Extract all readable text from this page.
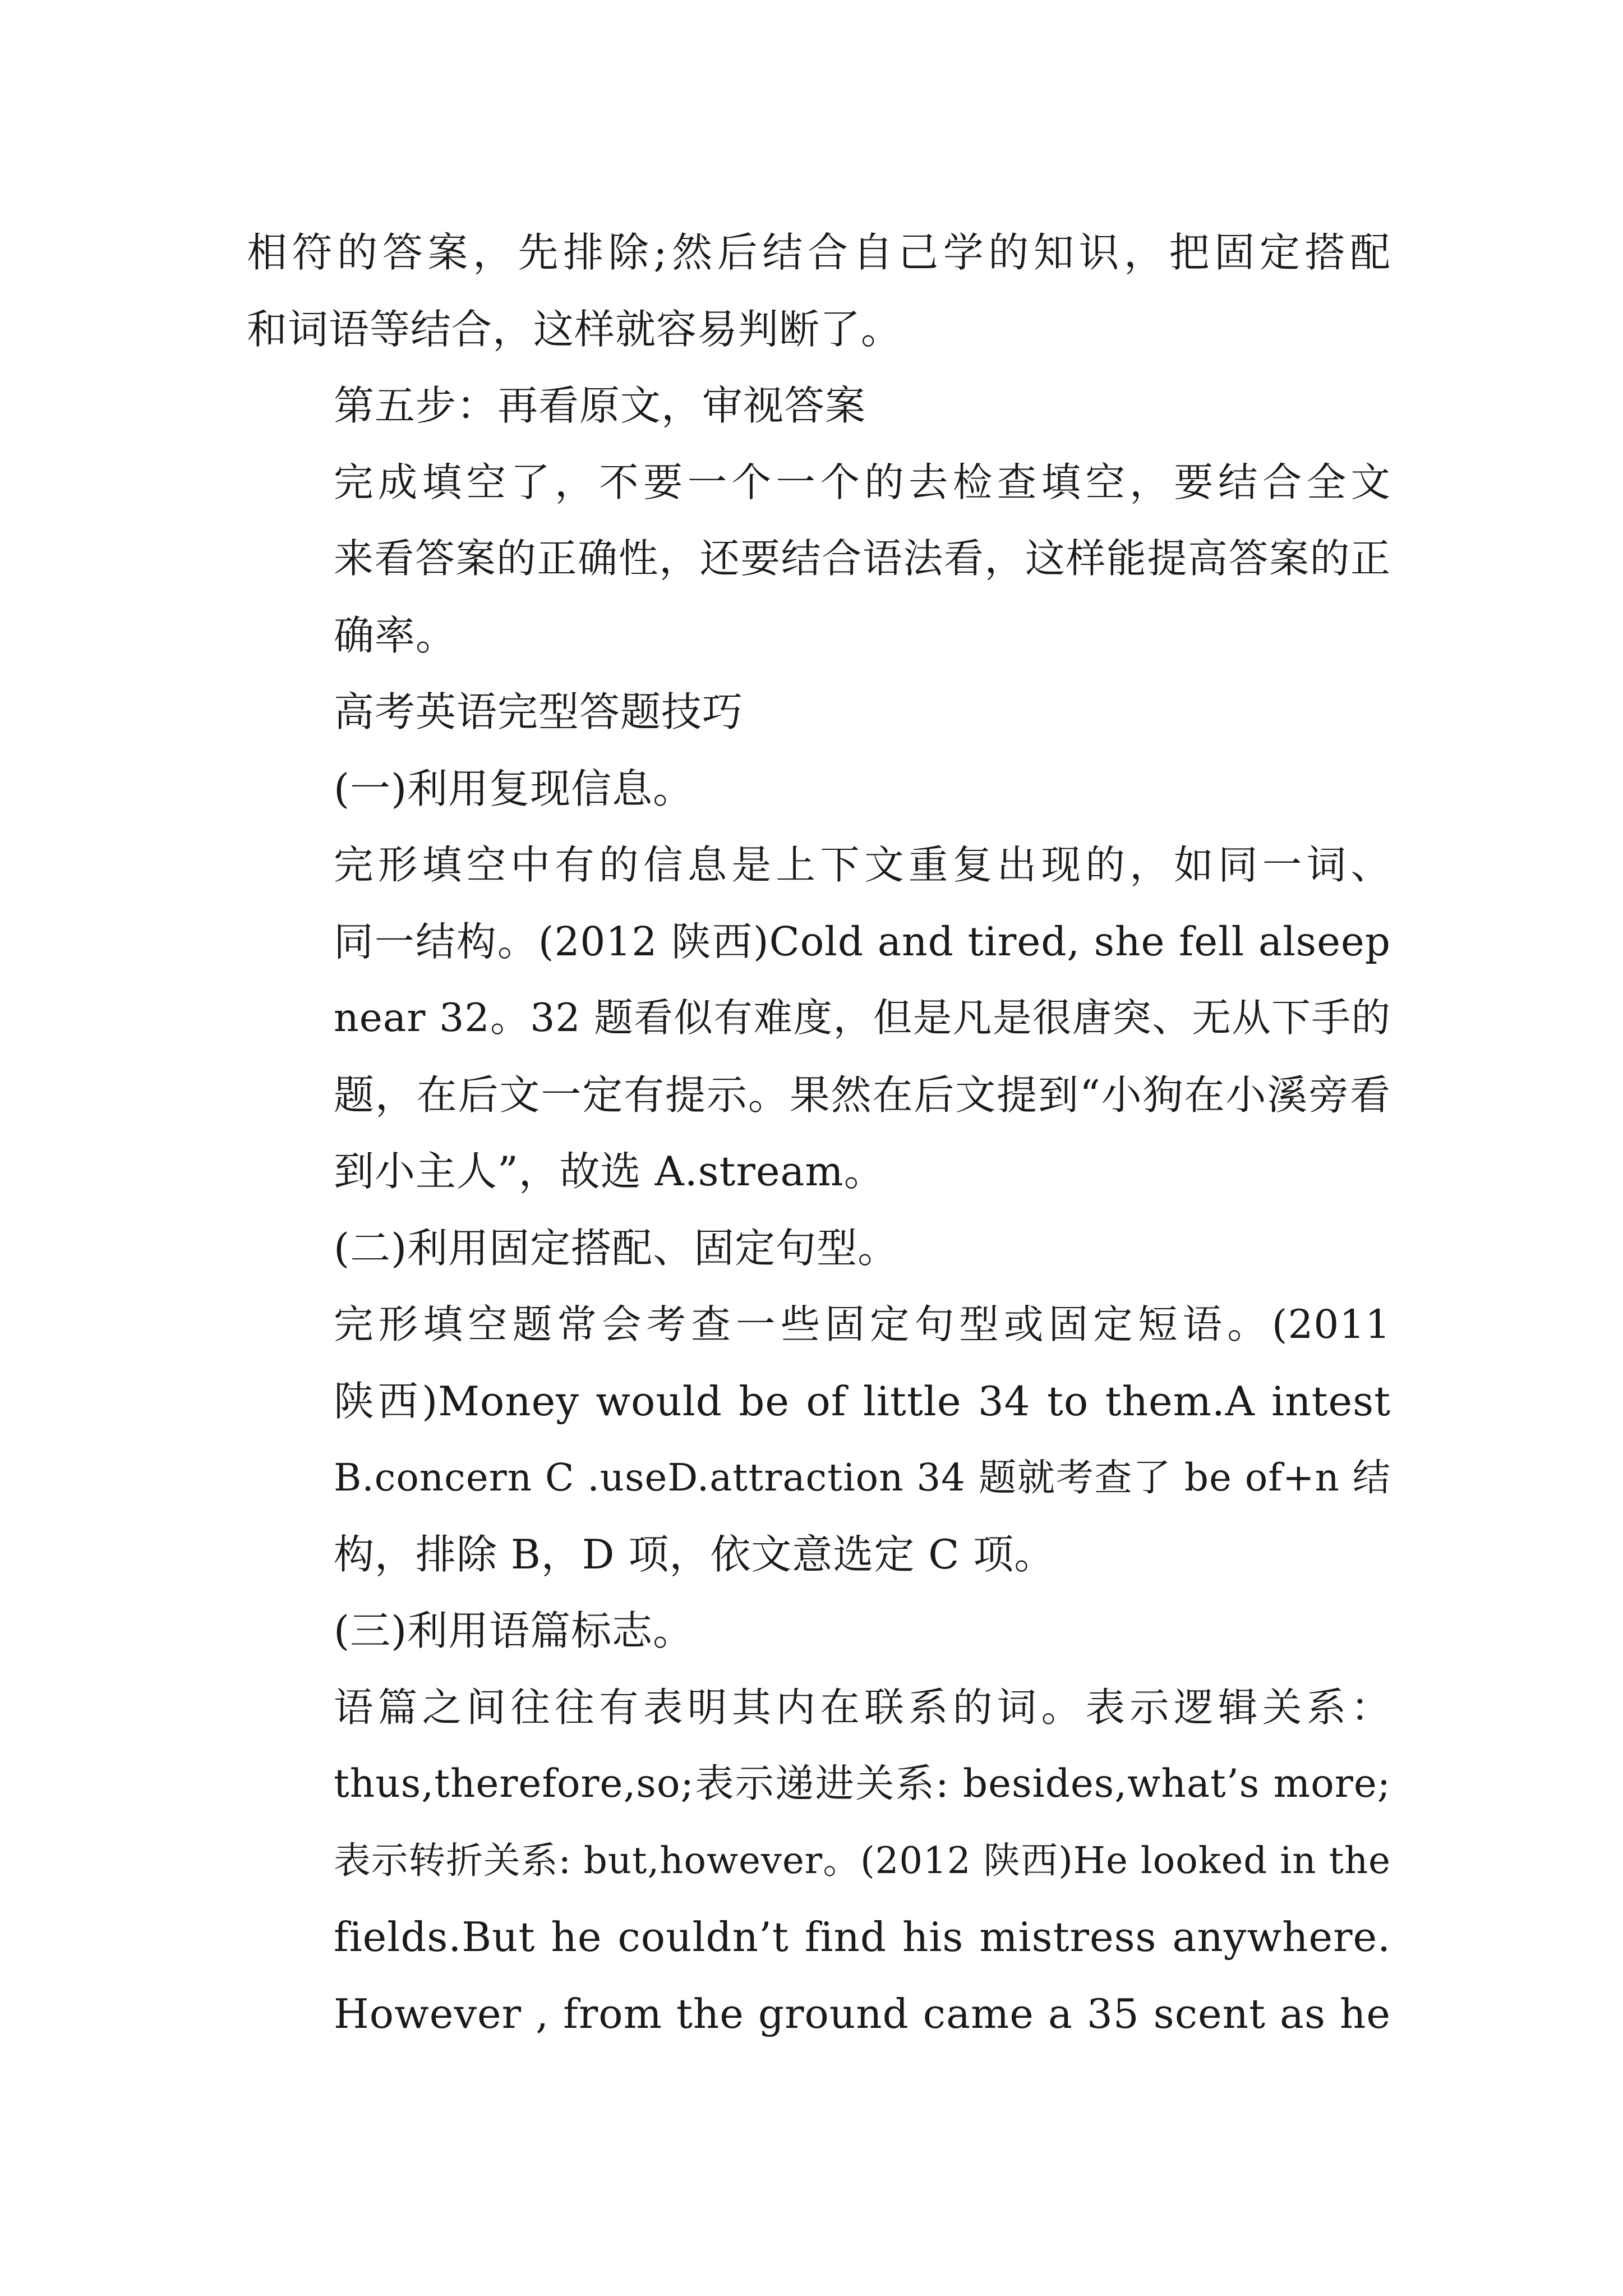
相符的答案，先排除;然后结合自己学的知识，把固定搭配
和词语等结合，这样就容易判断了。

第五步：再看原文，审视答案

完成填空了，不要一个一个的去检查填空，要结合全文
来看答案的正确性，还要结合语法看，这样能提高答案的正
确率。

高考英语完型答题技巧

(一)利用复现信息。

完形填空中有的信息是上下文重复出现的，如同一词、
同一结构。(2012 陕西)Cold and tired, she fell alseep
near 32。32 题看似有难度，但是凡是很唐突、无从下手的
题，在后文一定有提示。果然在后文提到“小狗在小溪旁看
到小主人”，故选 A.stream。

(二)利用固定搭配、固定句型。

完形填空题常会考查一些固定句型或固定短语。(2011
陕西)Money would be of little 34 to them.A intest
B.concern C .useD.attraction 34 题就考查了 be of+n 结
构，排除 B，D 项，依文意选定 C 项。

(三)利用语篇标志。

语篇之间往往有表明其内在联系的词。表示逻辑关系：
thus,therefore,so;表示递进关系: besides,what’s more;
表示转折关系: but,however。(2012 陕西)He looked in the
fields.But he couldn’t find his mistress anywhere.
However , from the ground came a 35 scent as he
